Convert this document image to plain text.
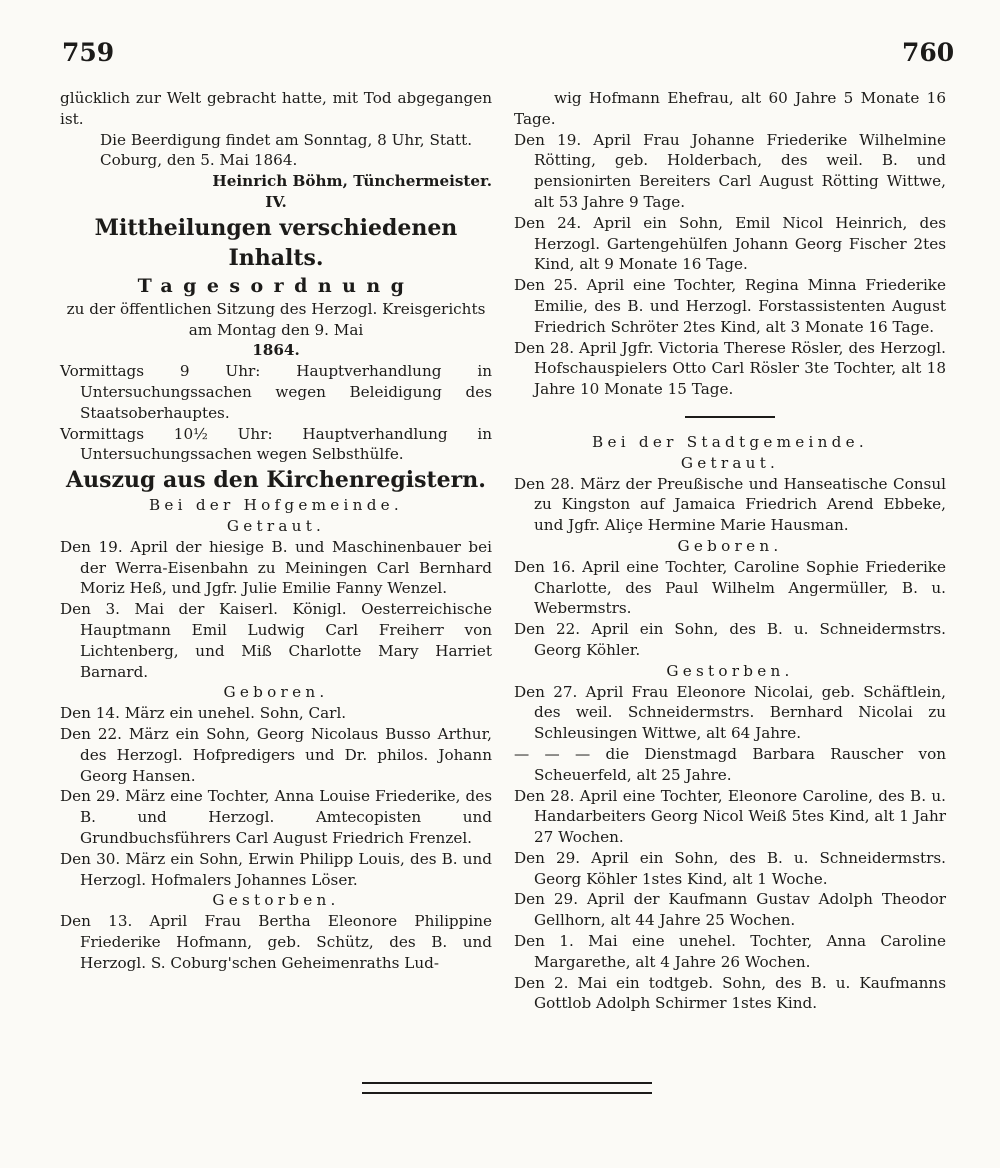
759	760

glücklich zur Welt gebracht hatte, mit Tod abgegangen ist.

Die Beerdigung findet am Sonntag, 8 Uhr, Statt.

Coburg, den 5. Mai 1864.

Heinrich Böhm, Tünchermeister.

IV.

Mittheilungen verschiedenen Inhalts.

Tagesordnung

zu der öffentlichen Sitzung des Herzogl. Kreisgerichts am Montag den 9. Mai

1864.

Vormittags 9 Uhr: Hauptverhandlung in Untersuchungssachen wegen Beleidigung des Staatsoberhauptes.

Vormittags 10½ Uhr: Hauptverhandlung in Untersuchungssachen wegen Selbsthülfe.

Auszug aus den Kirchenregistern.

Bei der Hofgemeinde.

Getraut.

Den 19. April der hiesige B. und Maschinenbauer bei der Werra-Eisenbahn zu Meiningen Carl Bernhard Moriz Heß, und Jgfr. Julie Emilie Fanny Wenzel.

Den 3. Mai der Kaiserl. Königl. Oesterreichische Hauptmann Emil Ludwig Carl Freiherr von Lichtenberg, und Miß Charlotte Mary Harriet Barnard.

Geboren.

Den 14. März ein unehel. Sohn, Carl.

Den 22. März ein Sohn, Georg Nicolaus Busso Arthur, des Herzogl. Hofpredigers und Dr. philos. Johann Georg Hansen.

Den 29. März eine Tochter, Anna Louise Friederike, des B. und Herzogl. Amtecopisten und Grundbuchsführers Carl August Friedrich Frenzel.

Den 30. März ein Sohn, Erwin Philipp Louis, des B. und Herzogl. Hofmalers Johannes Löser.

Gestorben.

Den 13. April Frau Bertha Eleonore Philippine Friederike Hofmann, geb. Schütz, des B. und Herzogl. S. Coburg'schen Geheimenraths Lud-

wig Hofmann Ehefrau, alt 60 Jahre 5 Monate 16 Tage.

Den 19. April Frau Johanne Friederike Wilhelmine Rötting, geb. Holderbach, des weil. B. und pensionirten Bereiters Carl August Rötting Wittwe, alt 53 Jahre 9 Tage.

Den 24. April ein Sohn, Emil Nicol Heinrich, des Herzogl. Gartengehülfen Johann Georg Fischer 2tes Kind, alt 9 Monate 16 Tage.

Den 25. April eine Tochter, Regina Minna Friederike Emilie, des B. und Herzogl. Forstassistenten August Friedrich Schröter 2tes Kind, alt 3 Monate 16 Tage.

Den 28. April Jgfr. Victoria Therese Rösler, des Herzogl. Hofschauspielers Otto Carl Rösler 3te Tochter, alt 18 Jahre 10 Monate 15 Tage.

Bei der Stadtgemeinde.

Getraut.

Den 28. März der Preußische und Hanseatische Consul zu Kingston auf Jamaica Friedrich Arend Ebbeke, und Jgfr. Aliçe Hermine Marie Hausman.

Geboren.

Den 16. April eine Tochter, Caroline Sophie Friederike Charlotte, des Paul Wilhelm Angermüller, B. u. Webermstrs.

Den 22. April ein Sohn, des B. u. Schneidermstrs. Georg Köhler.

Gestorben.

Den 27. April Frau Eleonore Nicolai, geb. Schäftlein, des weil. Schneidermstrs. Bernhard Nicolai zu Schleusingen Wittwe, alt 64 Jahre.

— — — die Dienstmagd Barbara Rauscher von Scheuerfeld, alt 25 Jahre.

Den 28. April eine Tochter, Eleonore Caroline, des B. u. Handarbeiters Georg Nicol Weiß 5tes Kind, alt 1 Jahr 27 Wochen.

Den 29. April ein Sohn, des B. u. Schneidermstrs. Georg Köhler 1stes Kind, alt 1 Woche.

Den 29. April der Kaufmann Gustav Adolph Theodor Gellhorn, alt 44 Jahre 25 Wochen.

Den 1. Mai eine unehel. Tochter, Anna Caroline Margarethe, alt 4 Jahre 26 Wochen.

Den 2. Mai ein todtgeb. Sohn, des B. u. Kaufmanns Gottlob Adolph Schirmer 1stes Kind.
